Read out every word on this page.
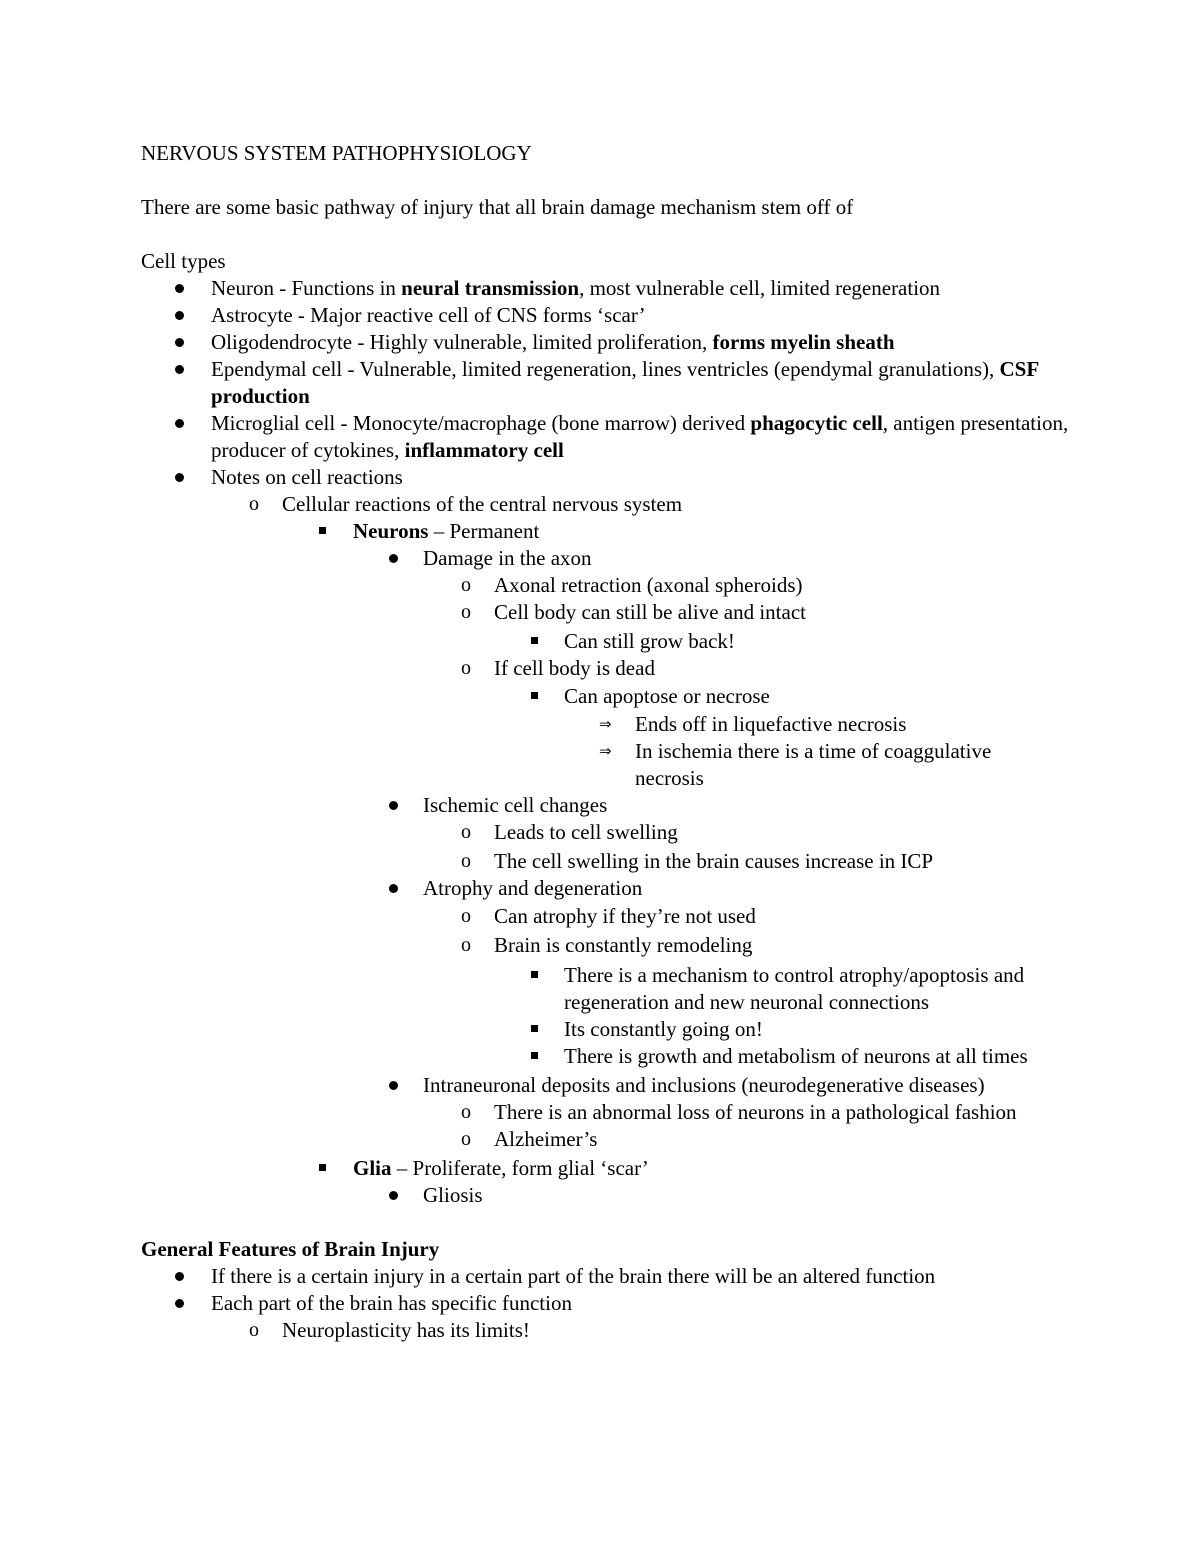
NERVOUS SYSTEM PATHOPHYSIOLOGY

There are some basic pathway of injury that all brain damage mechanism stem off of

Cell types

Neuron - Functions in neural transmission, most vulnerable cell, limited regeneration
Astrocyte - Major reactive cell of CNS forms ‘scar’
Oligodendrocyte - Highly vulnerable, limited proliferation, forms myelin sheath
Ependymal cell - Vulnerable, limited regeneration, lines ventricles (ependymal granulations), CSF production
Microglial cell - Monocyte/macrophage (bone marrow) derived phagocytic cell, antigen presentation, producer of cytokines, inflammatory cell
Notes on cell reactions
o	Cellular reactions of the central nervous system
Neurons – Permanent
Damage in the axon
o	Axonal retraction (axonal spheroids)
o	Cell body can still be alive and intact
Can still grow back!
o	If cell body is dead
Can apoptose or necrose
⇒	Ends off in liquefactive necrosis
⇒	In ischemia there is a time of coaggulative necrosis
Ischemic cell changes
o	Leads to cell swelling
o	The cell swelling in the brain causes increase in ICP
Atrophy and degeneration
o	Can atrophy if they’re not used
o	Brain is constantly remodeling
There is a mechanism to control atrophy/apoptosis and regeneration and new neuronal connections
Its constantly going on!
There is growth and metabolism of neurons at all times
Intraneuronal deposits and inclusions (neurodegenerative diseases)
o	There is an abnormal loss of neurons in a pathological fashion
o	Alzheimer’s
Glia – Proliferate, form glial ‘scar’
Gliosis

General Features of Brain Injury

If there is a certain injury in a certain part of the brain there will be an altered function
Each part of the brain has specific function
o	Neuroplasticity has its limits!
